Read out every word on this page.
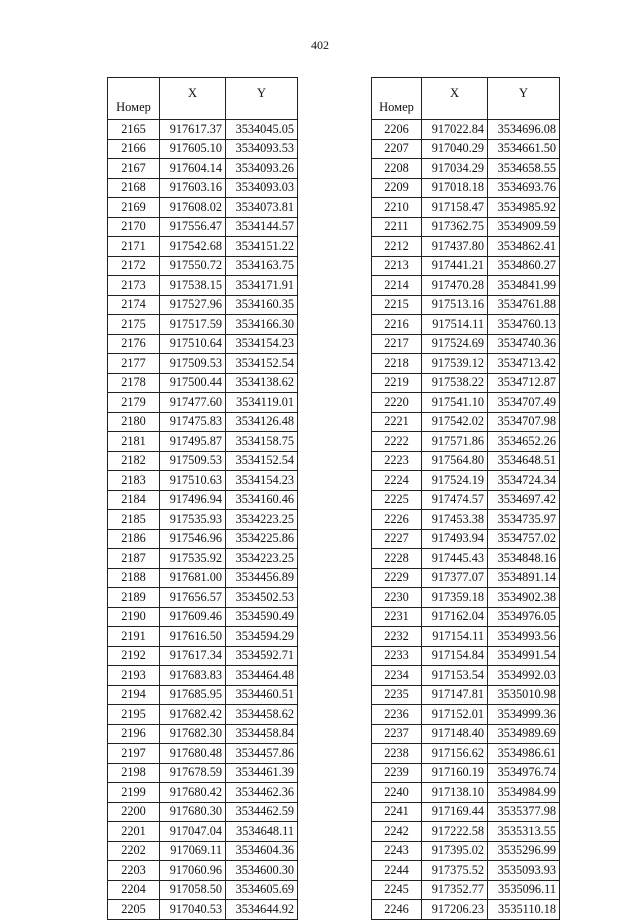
402
Номер	X	Y
2165	917617.37	3534045.05
2166	917605.10	3534093.53
2167	917604.14	3534093.26
2168	917603.16	3534093.03
2169	917608.02	3534073.81
2170	917556.47	3534144.57
2171	917542.68	3534151.22
2172	917550.72	3534163.75
2173	917538.15	3534171.91
2174	917527.96	3534160.35
2175	917517.59	3534166.30
2176	917510.64	3534154.23
2177	917509.53	3534152.54
2178	917500.44	3534138.62
2179	917477.60	3534119.01
2180	917475.83	3534126.48
2181	917495.87	3534158.75
2182	917509.53	3534152.54
2183	917510.63	3534154.23
2184	917496.94	3534160.46
2185	917535.93	3534223.25
2186	917546.96	3534225.86
2187	917535.92	3534223.25
2188	917681.00	3534456.89
2189	917656.57	3534502.53
2190	917609.46	3534590.49
2191	917616.50	3534594.29
2192	917617.34	3534592.71
2193	917683.83	3534464.48
2194	917685.95	3534460.51
2195	917682.42	3534458.62
2196	917682.30	3534458.84
2197	917680.48	3534457.86
2198	917678.59	3534461.39
2199	917680.42	3534462.36
2200	917680.30	3534462.59
2201	917047.04	3534648.11
2202	917069.11	3534604.36
2203	917060.96	3534600.30
2204	917058.50	3534605.69
2205	917040.53	3534644.92
Номер	X	Y
2206	917022.84	3534696.08
2207	917040.29	3534661.50
2208	917034.29	3534658.55
2209	917018.18	3534693.76
2210	917158.47	3534985.92
2211	917362.75	3534909.59
2212	917437.80	3534862.41
2213	917441.21	3534860.27
2214	917470.28	3534841.99
2215	917513.16	3534761.88
2216	917514.11	3534760.13
2217	917524.69	3534740.36
2218	917539.12	3534713.42
2219	917538.22	3534712.87
2220	917541.10	3534707.49
2221	917542.02	3534707.98
2222	917571.86	3534652.26
2223	917564.80	3534648.51
2224	917524.19	3534724.34
2225	917474.57	3534697.42
2226	917453.38	3534735.97
2227	917493.94	3534757.02
2228	917445.43	3534848.16
2229	917377.07	3534891.14
2230	917359.18	3534902.38
2231	917162.04	3534976.05
2232	917154.11	3534993.56
2233	917154.84	3534991.54
2234	917153.54	3534992.03
2235	917147.81	3535010.98
2236	917152.01	3534999.36
2237	917148.40	3534989.69
2238	917156.62	3534986.61
2239	917160.19	3534976.74
2240	917138.10	3534984.99
2241	917169.44	3535377.98
2242	917222.58	3535313.55
2243	917395.02	3535296.99
2244	917375.52	3535093.93
2245	917352.77	3535096.11
2246	917206.23	3535110.18
